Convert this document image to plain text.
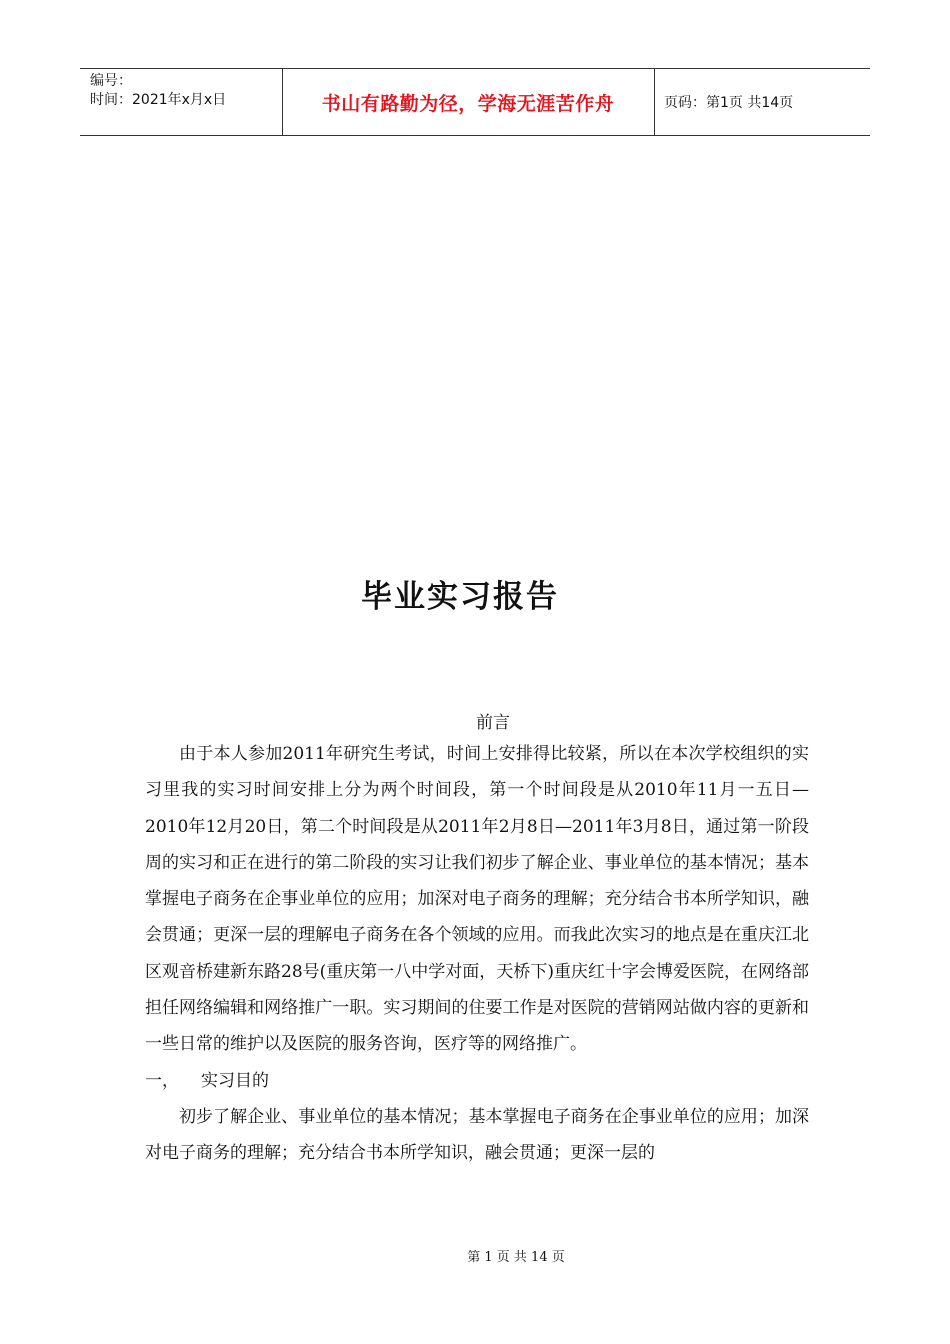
编号：
时间：2021年x月x日	书山有路勤为径，学海无涯苦作舟	页码：第1页 共14页
毕业实习报告
前言

由于本人参加2011年研究生考试，时间上安排得比较紧，所以在本次学校组织的实习里我的实习时间安排上分为两个时间段，第一个时间段是从2010年11月一五日—2010年12月20日，第二个时间段是从2011年2月8日—2011年3月8日，通过第一阶段周的实习和正在进行的第二阶段的实习让我们初步了解企业、事业单位的基本情况；基本掌握电子商务在企事业单位的应用；加深对电子商务的理解；充分结合书本所学知识，融会贯通；更深一层的理解电子商务在各个领域的应用。而我此次实习的地点是在重庆江北区观音桥建新东路28号(重庆第一八中学对面，天桥下)重庆红十字会博爱医院，在网络部担任网络编辑和网络推广一职。实习期间的住要工作是对医院的营销网站做内容的更新和一些日常的维护以及医院的服务咨询，医疗等的网络推广。

一，	实习目的

初步了解企业、事业单位的基本情况；基本掌握电子商务在企事业单位的应用；加深对电子商务的理解；充分结合书本所学知识，融会贯通；更深一层的

第 1 页 共 14 页
